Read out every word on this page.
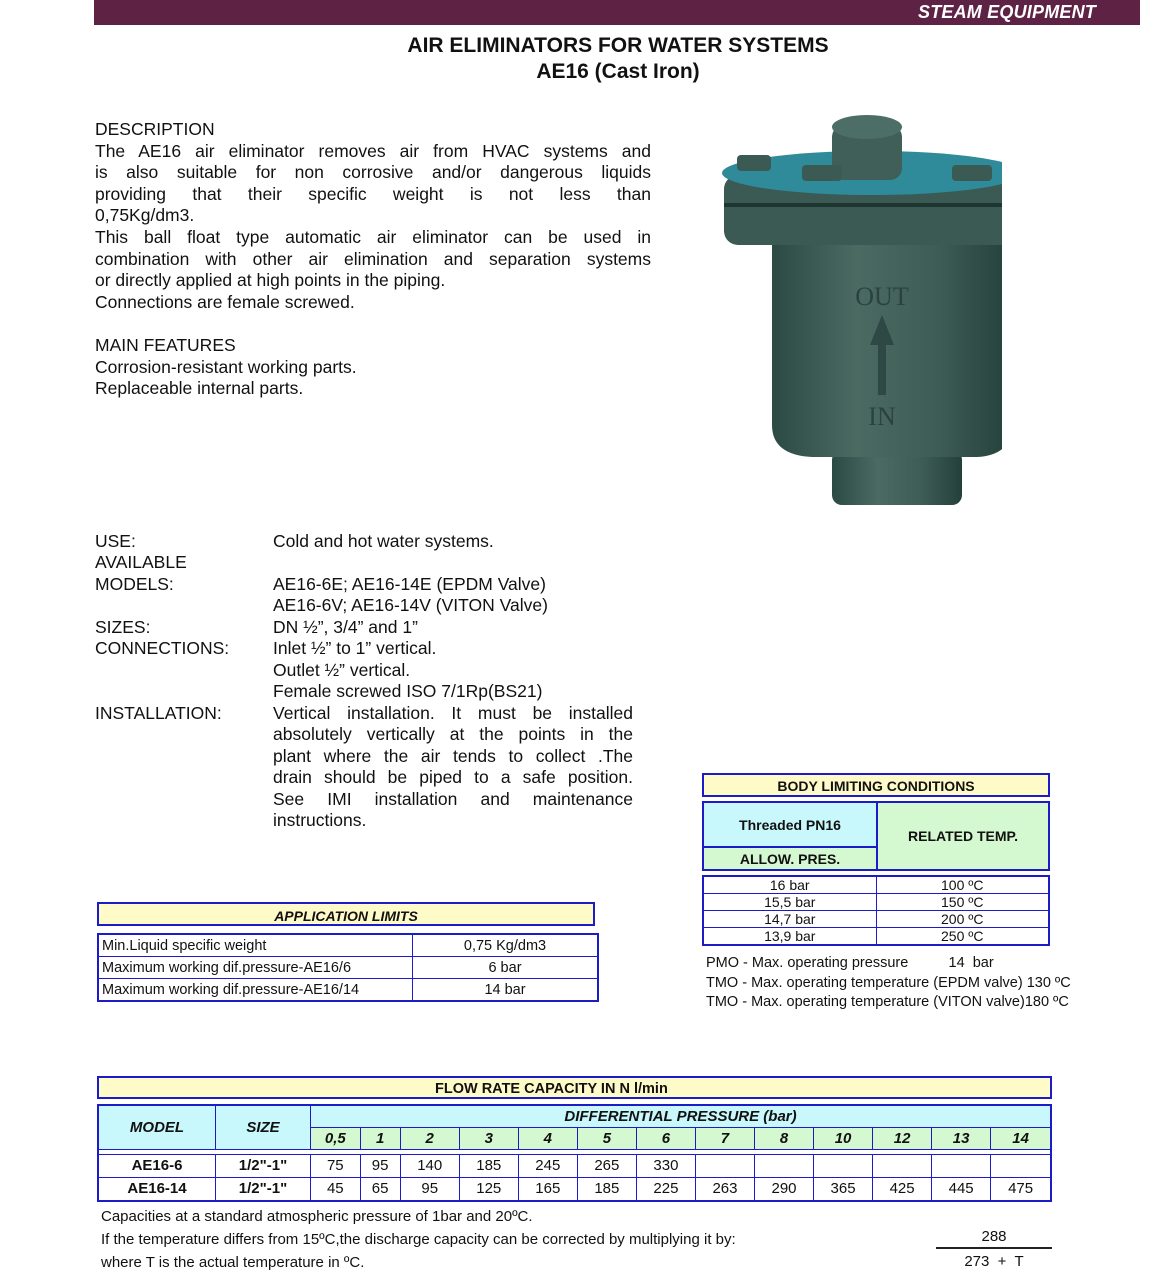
STEAM EQUIPMENT
AIR ELIMINATORS FOR WATER SYSTEMS
AE16 (Cast Iron)
DESCRIPTION
The AE16 air eliminator removes air from HVAC systems and
is also suitable for non corrosive and/or dangerous liquids
providing that their specific weight is not less than
0,75Kg/dm3.
This ball float type automatic air eliminator can be used in
combination with other air elimination and separation systems
or directly applied at high points in the piping.
Connections are female screwed.
MAIN FEATURES
Corrosion-resistant working parts.
Replaceable internal parts.
OUT
IN
USE:	Cold and hot water systems.
AVAILABLE
MODELS:	AE16-6E; AE16-14E (EPDM Valve)
AE16-6V; AE16-14V (VITON Valve)
SIZES:	DN ½”, 3/4” and 1”
CONNECTIONS:	Inlet ½” to 1” vertical.
Outlet ½” vertical.
Female screwed ISO 7/1Rp(BS21)
INSTALLATION:	Vertical installation. It must be installed
absolutely vertically at the points in the
plant where the air tends to collect .The
drain should be piped to a safe position.
See IMI installation and maintenance
instructions.
APPLICATION LIMITS
Min.Liquid specific weight	0,75 Kg/dm3
Maximum working dif.pressure-AE16/6	6 bar
Maximum working dif.pressure-AE16/14	14 bar
BODY LIMITING CONDITIONS
Threaded PN16
ALLOW. PRES.
RELATED TEMP.
16 bar	100 ºC
15,5 bar	150 ºC
14,7 bar	200 ºC
13,9 bar	250 ºC
PMO - Max. operating pressure          14  bar
TMO - Max. operating temperature (EPDM valve) 130 ºC
TMO - Max. operating temperature (VITON valve)180 ºC
FLOW RATE CAPACITY IN N l/min
MODEL	SIZE	DIFFERENTIAL PRESSURE (bar)												
		0,5	1	2	3	4	5	6	7	8	10	12	13	14

AE16-6	1/2"-1"	75	95	140	185	245	265	330						
AE16-14	1/2"-1"	45	65	95	125	165	185	225	263	290	365	425	445	475
Capacities at a standard atmospheric pressure of 1bar and 20ºC.
If the temperature differs from 15ºC,the discharge capacity can be corrected by multiplying it by:
where T is the actual temperature in ºC.	$\frac{288}{273 + T}$
